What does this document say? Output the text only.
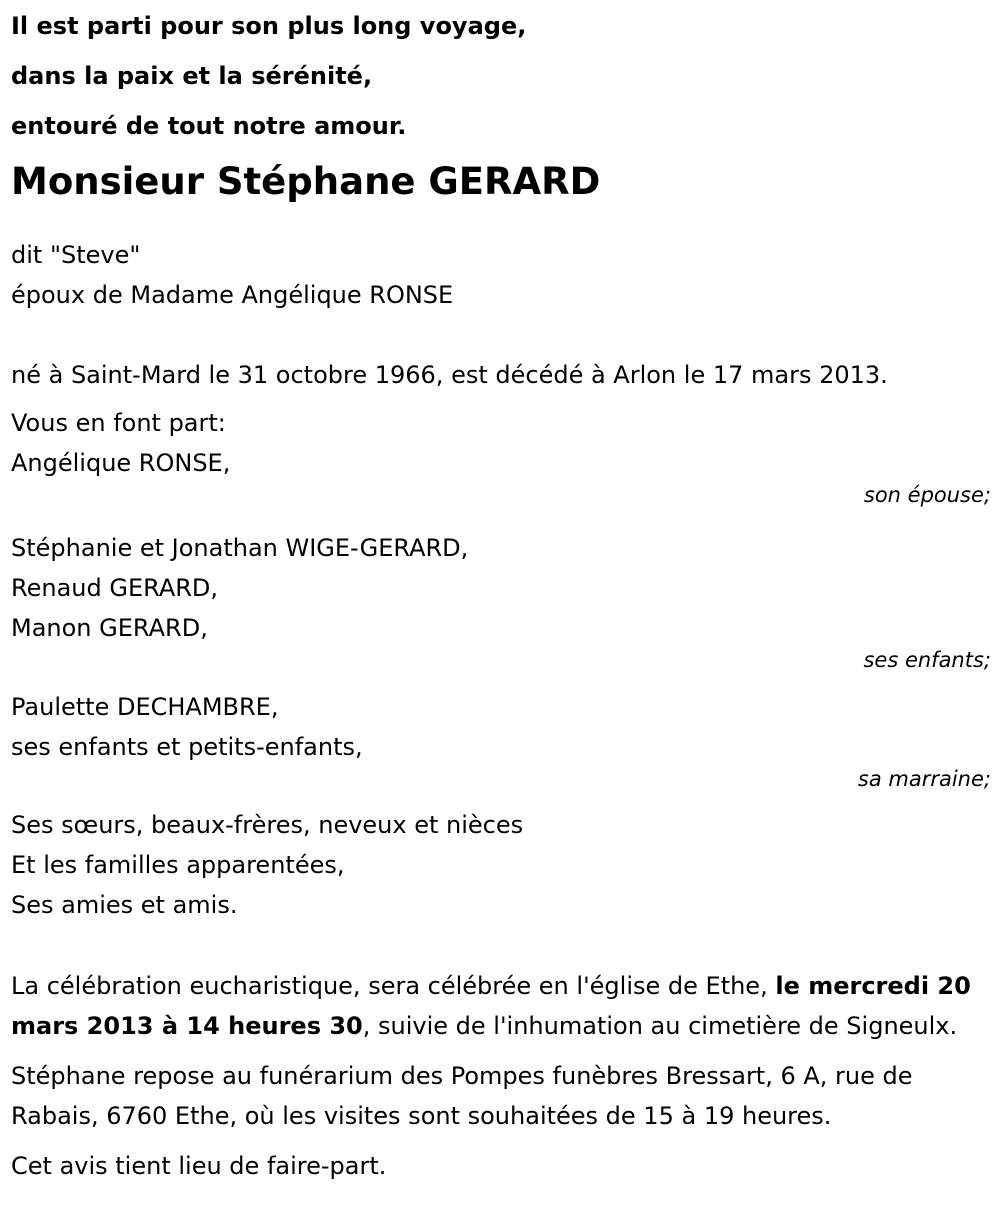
Il est parti pour son plus long voyage,
dans la paix et la sérénité,
entouré de tout notre amour.
Monsieur Stéphane GERARD
dit "Steve"
époux de Madame Angélique RONSE
né à Saint-Mard le 31 octobre 1966, est décédé à Arlon le 17 mars 2013.
Vous en font part:
Angélique RONSE,
son épouse;
Stéphanie et Jonathan WIGE-GERARD,
Renaud GERARD,
Manon GERARD,
ses enfants;
Paulette DECHAMBRE,
ses enfants et petits-enfants,
sa marraine;
Ses sœurs, beaux-frères, neveux et nièces
Et les familles apparentées,
Ses amies et amis.
La célébration eucharistique, sera célébrée en l'église de Ethe, le mercredi 20 mars 2013 à 14 heures 30, suivie de l'inhumation au cimetière de Signeulx.
Stéphane repose au funérarium des Pompes funèbres Bressart, 6 A, rue de Rabais, 6760 Ethe, où les visites sont souhaitées de 15 à 19 heures.
Cet avis tient lieu de faire-part.
